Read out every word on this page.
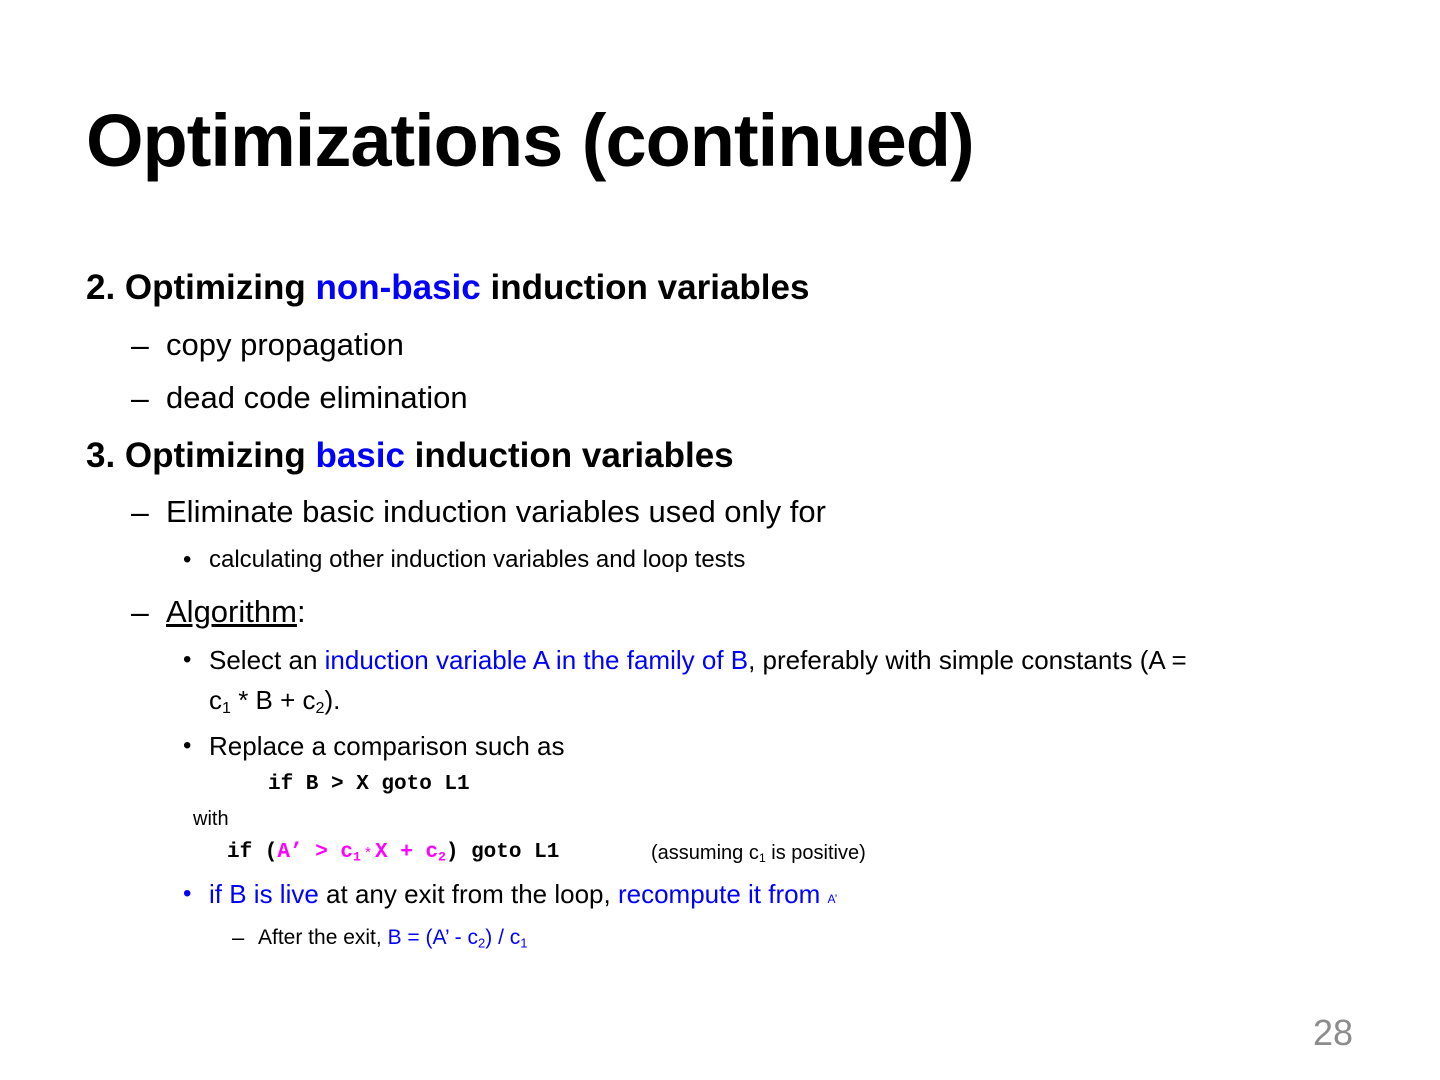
Optimizations (continued)
2. Optimizing non-basic induction variables
– copy propagation
– dead code elimination
3. Optimizing basic induction variables
– Eliminate basic induction variables used only for
• calculating other induction variables and loop tests
– Algorithm:
• Select an induction variable A in the family of B, preferably with simple constants (A =
$c_1 * B + c_2$).
• Replace a comparison such as
if B > X goto L1
with
if (A’ > $c_1 * X + c_2$) goto L1	(assuming $c_1$ is positive)
• if B is live at any exit from the loop, recompute it from A’
– After the exit, B = (A’ - $c_2) / c_1$
28
